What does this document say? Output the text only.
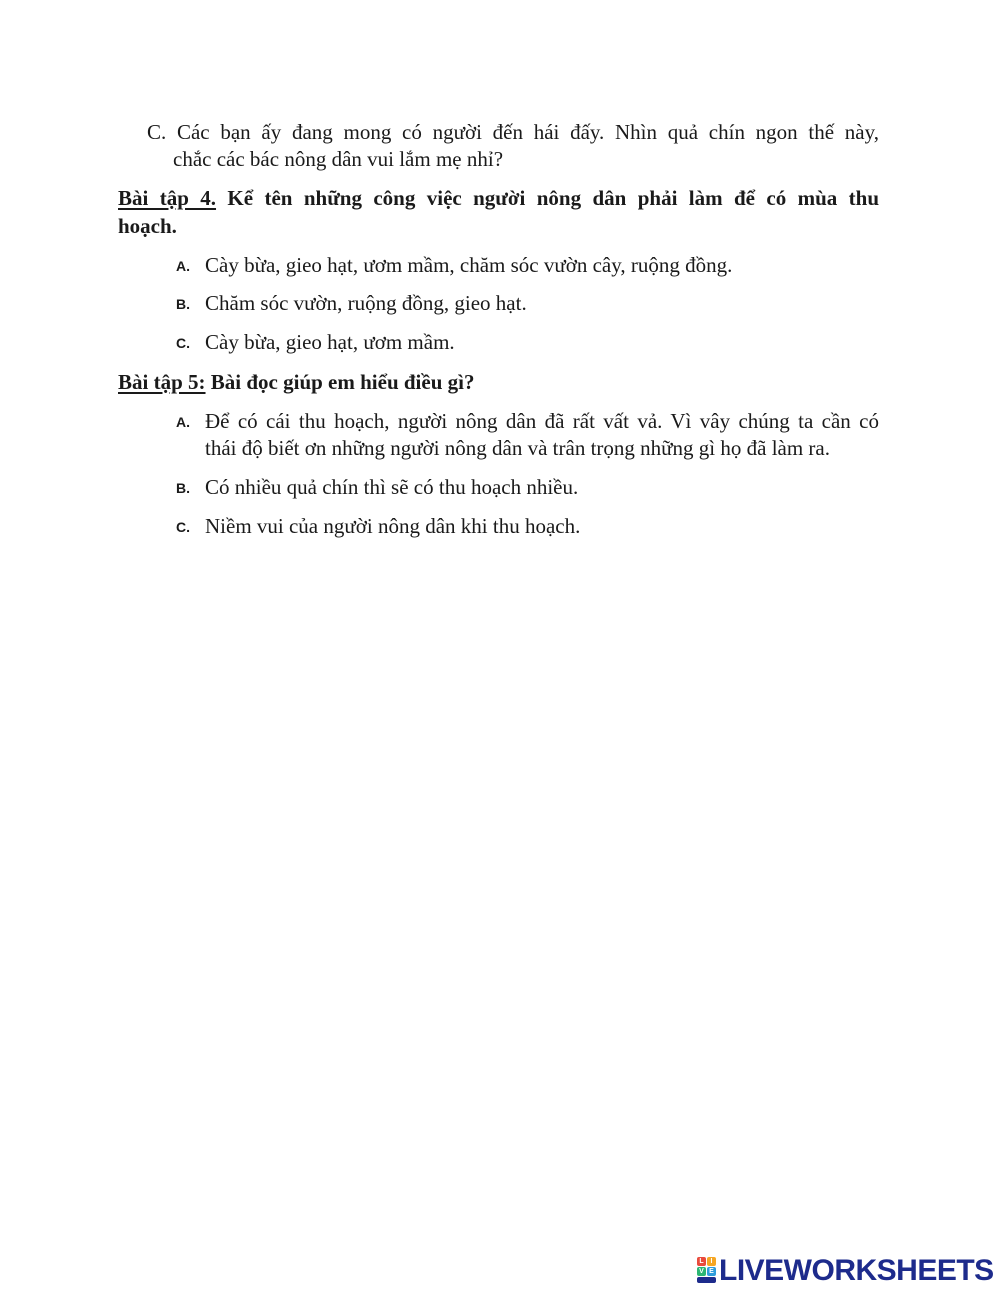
C. Các bạn ấy đang mong có người đến hái đấy. Nhìn quả chín ngon thế này,
chắc các bác nông dân vui lắm mẹ nhỉ?
Bài tập 4. Kể tên những công việc người nông dân phải làm để có mùa thu
hoạch.
A. Cày bừa, gieo hạt, ươm mầm, chăm sóc vườn cây, ruộng đồng.
B. Chăm sóc vườn, ruộng đồng, gieo hạt.
C. Cày bừa, gieo hạt, ươm mầm.
Bài tập 5: Bài đọc giúp em hiểu điều gì?
A. Để có cái thu hoạch, người nông dân đã rất vất vả. Vì vây chúng ta cần có
thái độ biết ơn những người nông dân và trân trọng những gì họ đã làm ra.
B. Có nhiều quả chín thì sẽ có thu hoạch nhiều.
C. Niềm vui của người nông dân khi thu hoạch.
L I
V E LIVEWORKSHEETS
